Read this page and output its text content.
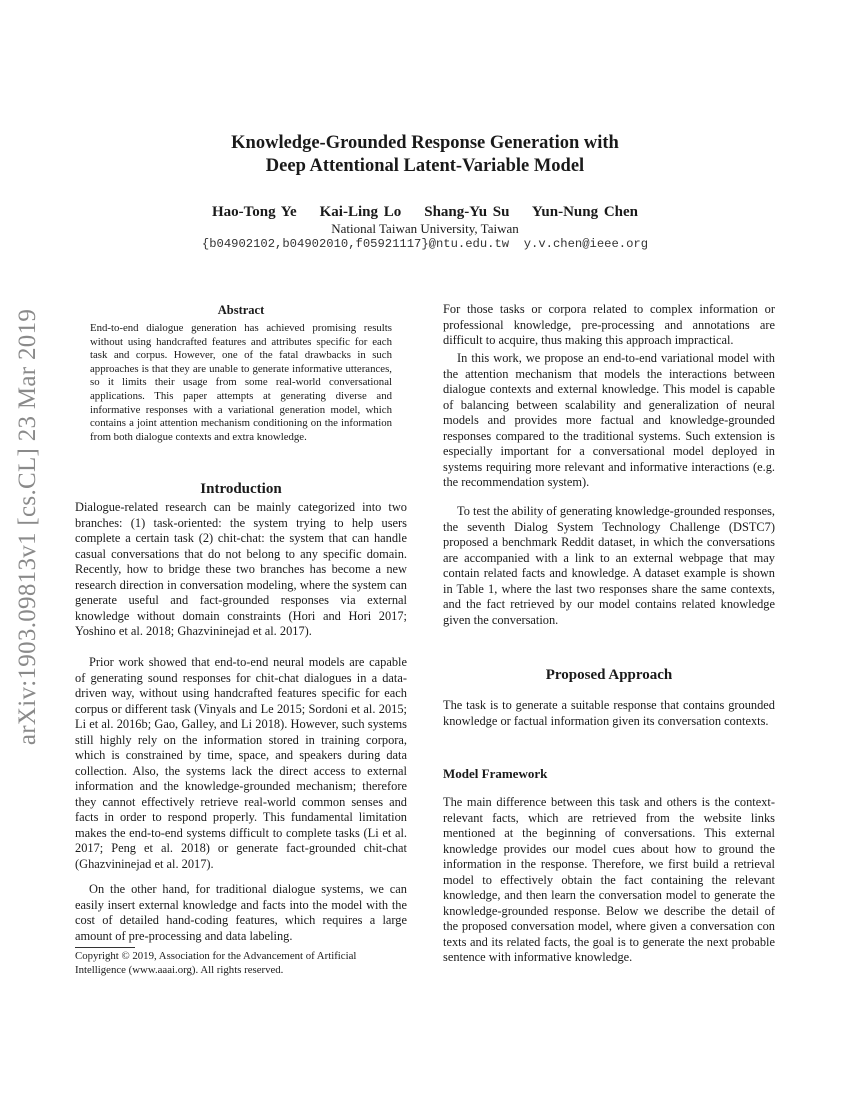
arXiv:1903.09813v1 [cs.CL] 23 Mar 2019
Knowledge-Grounded Response Generation with
Deep Attentional Latent-Variable Model
Hao-Tong Ye    Kai-Ling Lo    Shang-Yu Su    Yun-Nung Chen
National Taiwan University, Taiwan
{b04902102,b04902010,f05921117}@ntu.edu.tw  y.v.chen@ieee.org
Abstract

End-to-end dialogue generation has achieved promising results without using handcrafted features and attributes specific for each task and corpus. However, one of the fatal drawbacks in such approaches is that they are unable to generate informative utterances, so it limits their usage from some real-world conversational applications. This paper attempts at generating diverse and informative responses with a variational generation model, which contains a joint attention mechanism conditioning on the information from both dialogue contexts and extra knowledge.

Introduction

Dialogue-related research can be mainly categorized into two branches: (1) task-oriented: the system trying to help users complete a certain task (2) chit-chat: the system that can handle casual conversations that do not belong to any specific domain. Recently, how to bridge these two branches has become a new research direction in conversation modeling, where the system can generate useful and fact-grounded responses via external knowledge without domain constraints (Hori and Hori 2017; Yoshino et al. 2018; Ghazvininejad et al. 2017).

Prior work showed that end-to-end neural models are capable of generating sound responses for chit-chat dialogues in a data-driven way, without using handcrafted features specific for each corpus or different task (Vinyals and Le 2015; Sordoni et al. 2015; Li et al. 2016b; Gao, Galley, and Li 2018). However, such systems still highly rely on the information stored in training corpora, which is constrained by time, space, and speakers during data collection. Also, the systems lack the direct access to external information and the knowledge-grounded mechanism; therefore they cannot effectively retrieve real-world common senses and facts in order to respond properly. This fundamental limitation makes the end-to-end systems difficult to complete tasks (Li et al. 2017; Peng et al. 2018) or generate fact-grounded chit-chat (Ghazvininejad et al. 2017).

On the other hand, for traditional dialogue systems, we can easily insert external knowledge and facts into the model with the cost of detailed hand-coding features, which requires a large amount of pre-processing and data labeling.

Copyright © 2019, Association for the Advancement of Artificial Intelligence (www.aaai.org). All rights reserved.

For those tasks or corpora related to complex information or professional knowledge, pre-processing and annotations are difficult to acquire, thus making this approach impractical.

In this work, we propose an end-to-end variational model with the attention mechanism that models the interactions between dialogue contexts and external knowledge. This model is capable of balancing between scalability and generalization of neural models and provides more factual and knowledge-grounded responses compared to the traditional systems. Such extension is especially important for a conversational model deployed in systems requiring more relevant and informative interactions (e.g. the recommendation system).

To test the ability of generating knowledge-grounded responses, the seventh Dialog System Technology Challenge (DSTC7) proposed a benchmark Reddit dataset, in which the conversations are accompanied with a link to an external webpage that may contain related facts and knowledge. A dataset example is shown in Table 1, where the last two responses share the same contexts, and the fact retrieved by our model contains related knowledge given the conversation.

Proposed Approach

The task is to generate a suitable response that contains grounded knowledge or factual information given its conversation contexts.

Model Framework

The main difference between this task and others is the context-relevant facts, which are retrieved from the website links mentioned at the beginning of conversations. This external knowledge provides our model cues about how to ground the information in the response. Therefore, we first build a retrieval model to effectively obtain the fact containing the relevant knowledge, and then learn the conversation model to generate the knowledge-grounded response. Below we describe the detail of the proposed conversation model, where given a conversation con texts and its related facts, the goal is to generate the next probable sentence with informative knowledge.
